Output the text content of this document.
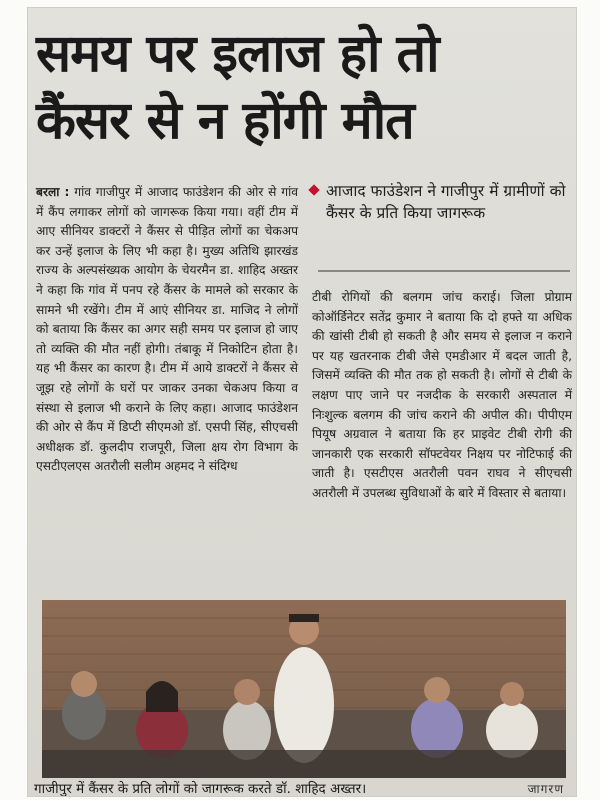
समय पर इलाज हो तो
कैंसर से न होंगी मौत
बरला : गांव गाजीपुर में आजाद फाउंडेशन की ओर से गांव में कैंप लगाकर लोगों को जागरूक किया गया। वहीं टीम में आए सीनियर डाक्टरों ने कैंसर से पीड़ित लोगों का चेकअप कर उन्हें इलाज के लिए भी कहा है। मुख्य अतिथि झारखंड राज्य के अल्पसंख्यक आयोग के चेयरमैन डा. शाहिद अख्तर ने कहा कि गांव में पनप रहे कैंसर के मामले को सरकार के सामने भी रखेंगे। टीम में आएं सीनियर डा. माजिद ने लोगों को बताया कि कैंसर का अगर सही समय पर इलाज हो जाए तो व्यक्ति की मौत नहीं होगी। तंबाकू में निकोटिन होता है। यह भी कैंसर का कारण है। टीम में आये डाक्टरों ने कैंसर से जूझ रहे लोगों के घरों पर जाकर उनका चेकअप किया व संस्था से इलाज भी कराने के लिए कहा। आजाद फाउंडेशन की ओर से कैंप में डिप्टी सीएमओ डॉ. एसपी सिंह, सीएचसी अधीक्षक डॉ. कुलदीप राजपूरी, जिला क्षय रोग विभाग के एसटीएलएस अतरौली सलीम अहमद ने संदिग्ध
आजाद फाउंडेशन ने गाजीपुर में ग्रामीणों को कैंसर के प्रति किया जागरूक
टीबी रोगियों की बलगम जांच कराई। जिला प्रोग्राम कोऑर्डिनेटर सतेंद्र कुमार ने बताया कि दो हफ्ते या अधिक की खांसी टीबी हो सकती है और समय से इलाज न कराने पर यह खतरनाक टीबी जैसे एमडीआर में बदल जाती है, जिसमें व्यक्ति की मौत तक हो सकती है। लोगों से टीबी के लक्षण पाए जाने पर नजदीक के सरकारी अस्पताल में निःशुल्क बलगम की जांच कराने की अपील की। पीपीएम पियूष अग्रवाल ने बताया कि हर प्राइवेट टीबी रोगी की जानकारी एक सरकारी सॉफ्टवेयर निक्षय पर नोटिफाई की जाती है। एसटीएस अतरौली पवन राघव ने सीएचसी अतरौली में उपलब्ध सुविधाओं के बारे में विस्तार से बताया।
गाजीपुर में कैंसर के प्रति लोगों को जागरूक करते डॉ. शाहिद अख्तर।	जागरण
